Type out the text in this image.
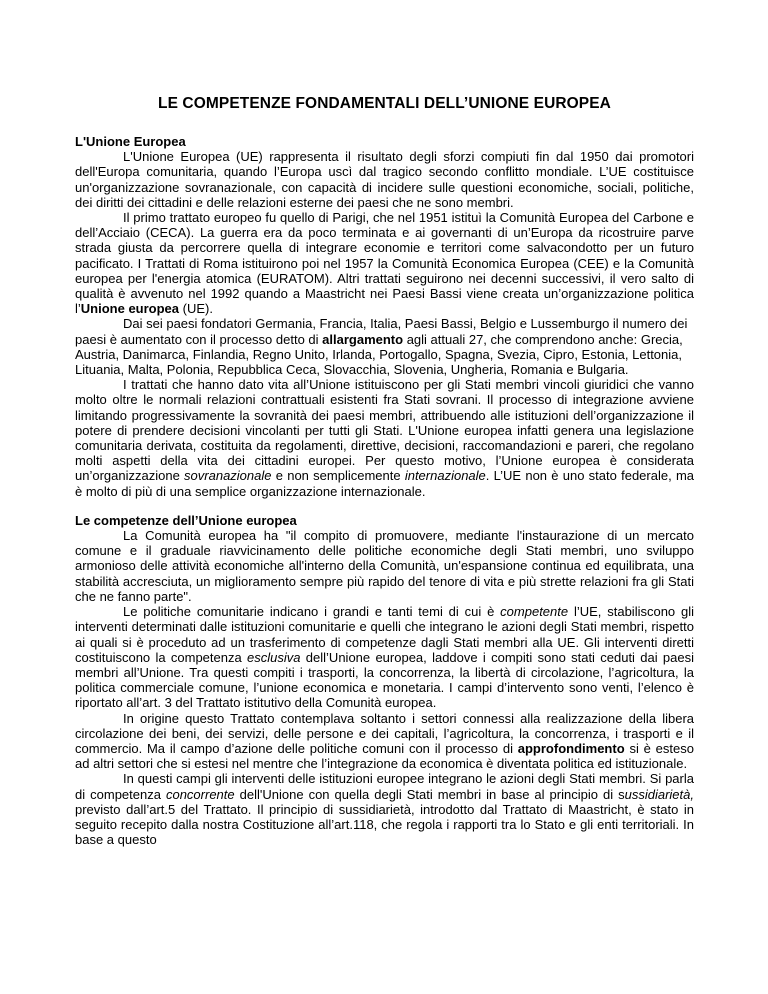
LE COMPETENZE FONDAMENTALI DELL’UNIONE EUROPEA
L'Unione Europea

L'Unione Europea (UE) rappresenta il risultato degli sforzi compiuti fin dal 1950 dai promotori dell'Europa comunitaria, quando l’Europa uscì dal tragico secondo conflitto mondiale. L’UE costituisce un'organizzazione sovranazionale, con capacità di incidere sulle questioni economiche, sociali, politiche, dei diritti dei cittadini e delle relazioni esterne dei paesi che ne sono membri.

Il primo trattato europeo fu quello di Parigi, che nel 1951 istituì la Comunità Europea del Carbone e dell’Acciaio (CECA). La guerra era da poco terminata e ai governanti di un’Europa da ricostruire parve strada giusta da percorrere quella di integrare economie e territori come salvacondotto per un futuro pacificato. I Trattati di Roma istituirono poi nel 1957 la Comunità Economica Europea (CEE) e la Comunità europea per l'energia atomica (EURATOM). Altri trattati seguirono nei decenni successivi, il vero salto di qualità è avvenuto nel 1992 quando a Maastricht nei Paesi Bassi viene creata un’organizzazione politica l’Unione europea (UE).

Dai sei paesi fondatori Germania, Francia, Italia, Paesi Bassi, Belgio e Lussemburgo il numero dei paesi è aumentato con il processo detto di allargamento agli attuali 27, che comprendono anche: Grecia, Austria, Danimarca, Finlandia, Regno Unito, Irlanda, Portogallo, Spagna, Svezia, Cipro, Estonia, Lettonia, Lituania, Malta, Polonia, Repubblica Ceca, Slovacchia, Slovenia, Ungheria, Romania e Bulgaria.

I trattati che hanno dato vita all’Unione istituiscono per gli Stati membri vincoli giuridici che vanno molto oltre le normali relazioni contrattuali esistenti fra Stati sovrani. Il processo di integrazione avviene limitando progressivamente la sovranità dei paesi membri, attribuendo alle istituzioni dell’organizzazione il potere di prendere decisioni vincolanti per tutti gli Stati. L'Unione europea infatti genera una legislazione comunitaria derivata, costituita da regolamenti, direttive, decisioni, raccomandazioni e pareri, che regolano molti aspetti della vita dei cittadini europei. Per questo motivo, l’Unione europea è considerata un’organizzazione sovranazionale e non semplicemente internazionale. L’UE non è uno stato federale, ma è molto di più di una semplice organizzazione internazionale.

Le competenze dell’Unione europea

La Comunità europea ha "il compito di promuovere, mediante l'instaurazione di un mercato comune e il graduale riavvicinamento delle politiche economiche degli Stati membri, uno sviluppo armonioso delle attività economiche all'interno della Comunità, un'espansione continua ed equilibrata, una stabilità accresciuta, un miglioramento sempre più rapido del tenore di vita e più strette relazioni fra gli Stati che ne fanno parte".

Le politiche comunitarie indicano i grandi e tanti temi di cui è competente l’UE, stabiliscono gli interventi determinati dalle istituzioni comunitarie e quelli che integrano le azioni degli Stati membri, rispetto ai quali si è proceduto ad un trasferimento di competenze dagli Stati membri alla UE. Gli interventi diretti costituiscono la competenza esclusiva dell’Unione europea, laddove i compiti sono stati ceduti dai paesi membri all’Unione. Tra questi compiti i trasporti, la concorrenza, la libertà di circolazione, l’agricoltura, la politica commerciale comune, l’unione economica e monetaria. I campi d’intervento sono venti, l’elenco è riportato all’art. 3 del Trattato istitutivo della Comunità europea.

In origine questo Trattato contemplava soltanto i settori connessi alla realizzazione della libera circolazione dei beni, dei servizi, delle persone e dei capitali, l’agricoltura, la concorrenza, i trasporti e il commercio. Ma il campo d’azione delle politiche comuni con il processo di approfondimento si è esteso ad altri settori che si estesi nel mentre che l’integrazione da economica è diventata politica ed istituzionale.

In questi campi gli interventi delle istituzioni europee integrano le azioni degli Stati membri. Si parla di competenza concorrente dell'Unione con quella degli Stati membri in base al principio di sussidiarietà, previsto dall’art.5 del Trattato. Il principio di sussidiarietà, introdotto dal Trattato di Maastricht, è stato in seguito recepito dalla nostra Costituzione all’art.118, che regola i rapporti tra lo Stato e gli enti territoriali. In base a questo
